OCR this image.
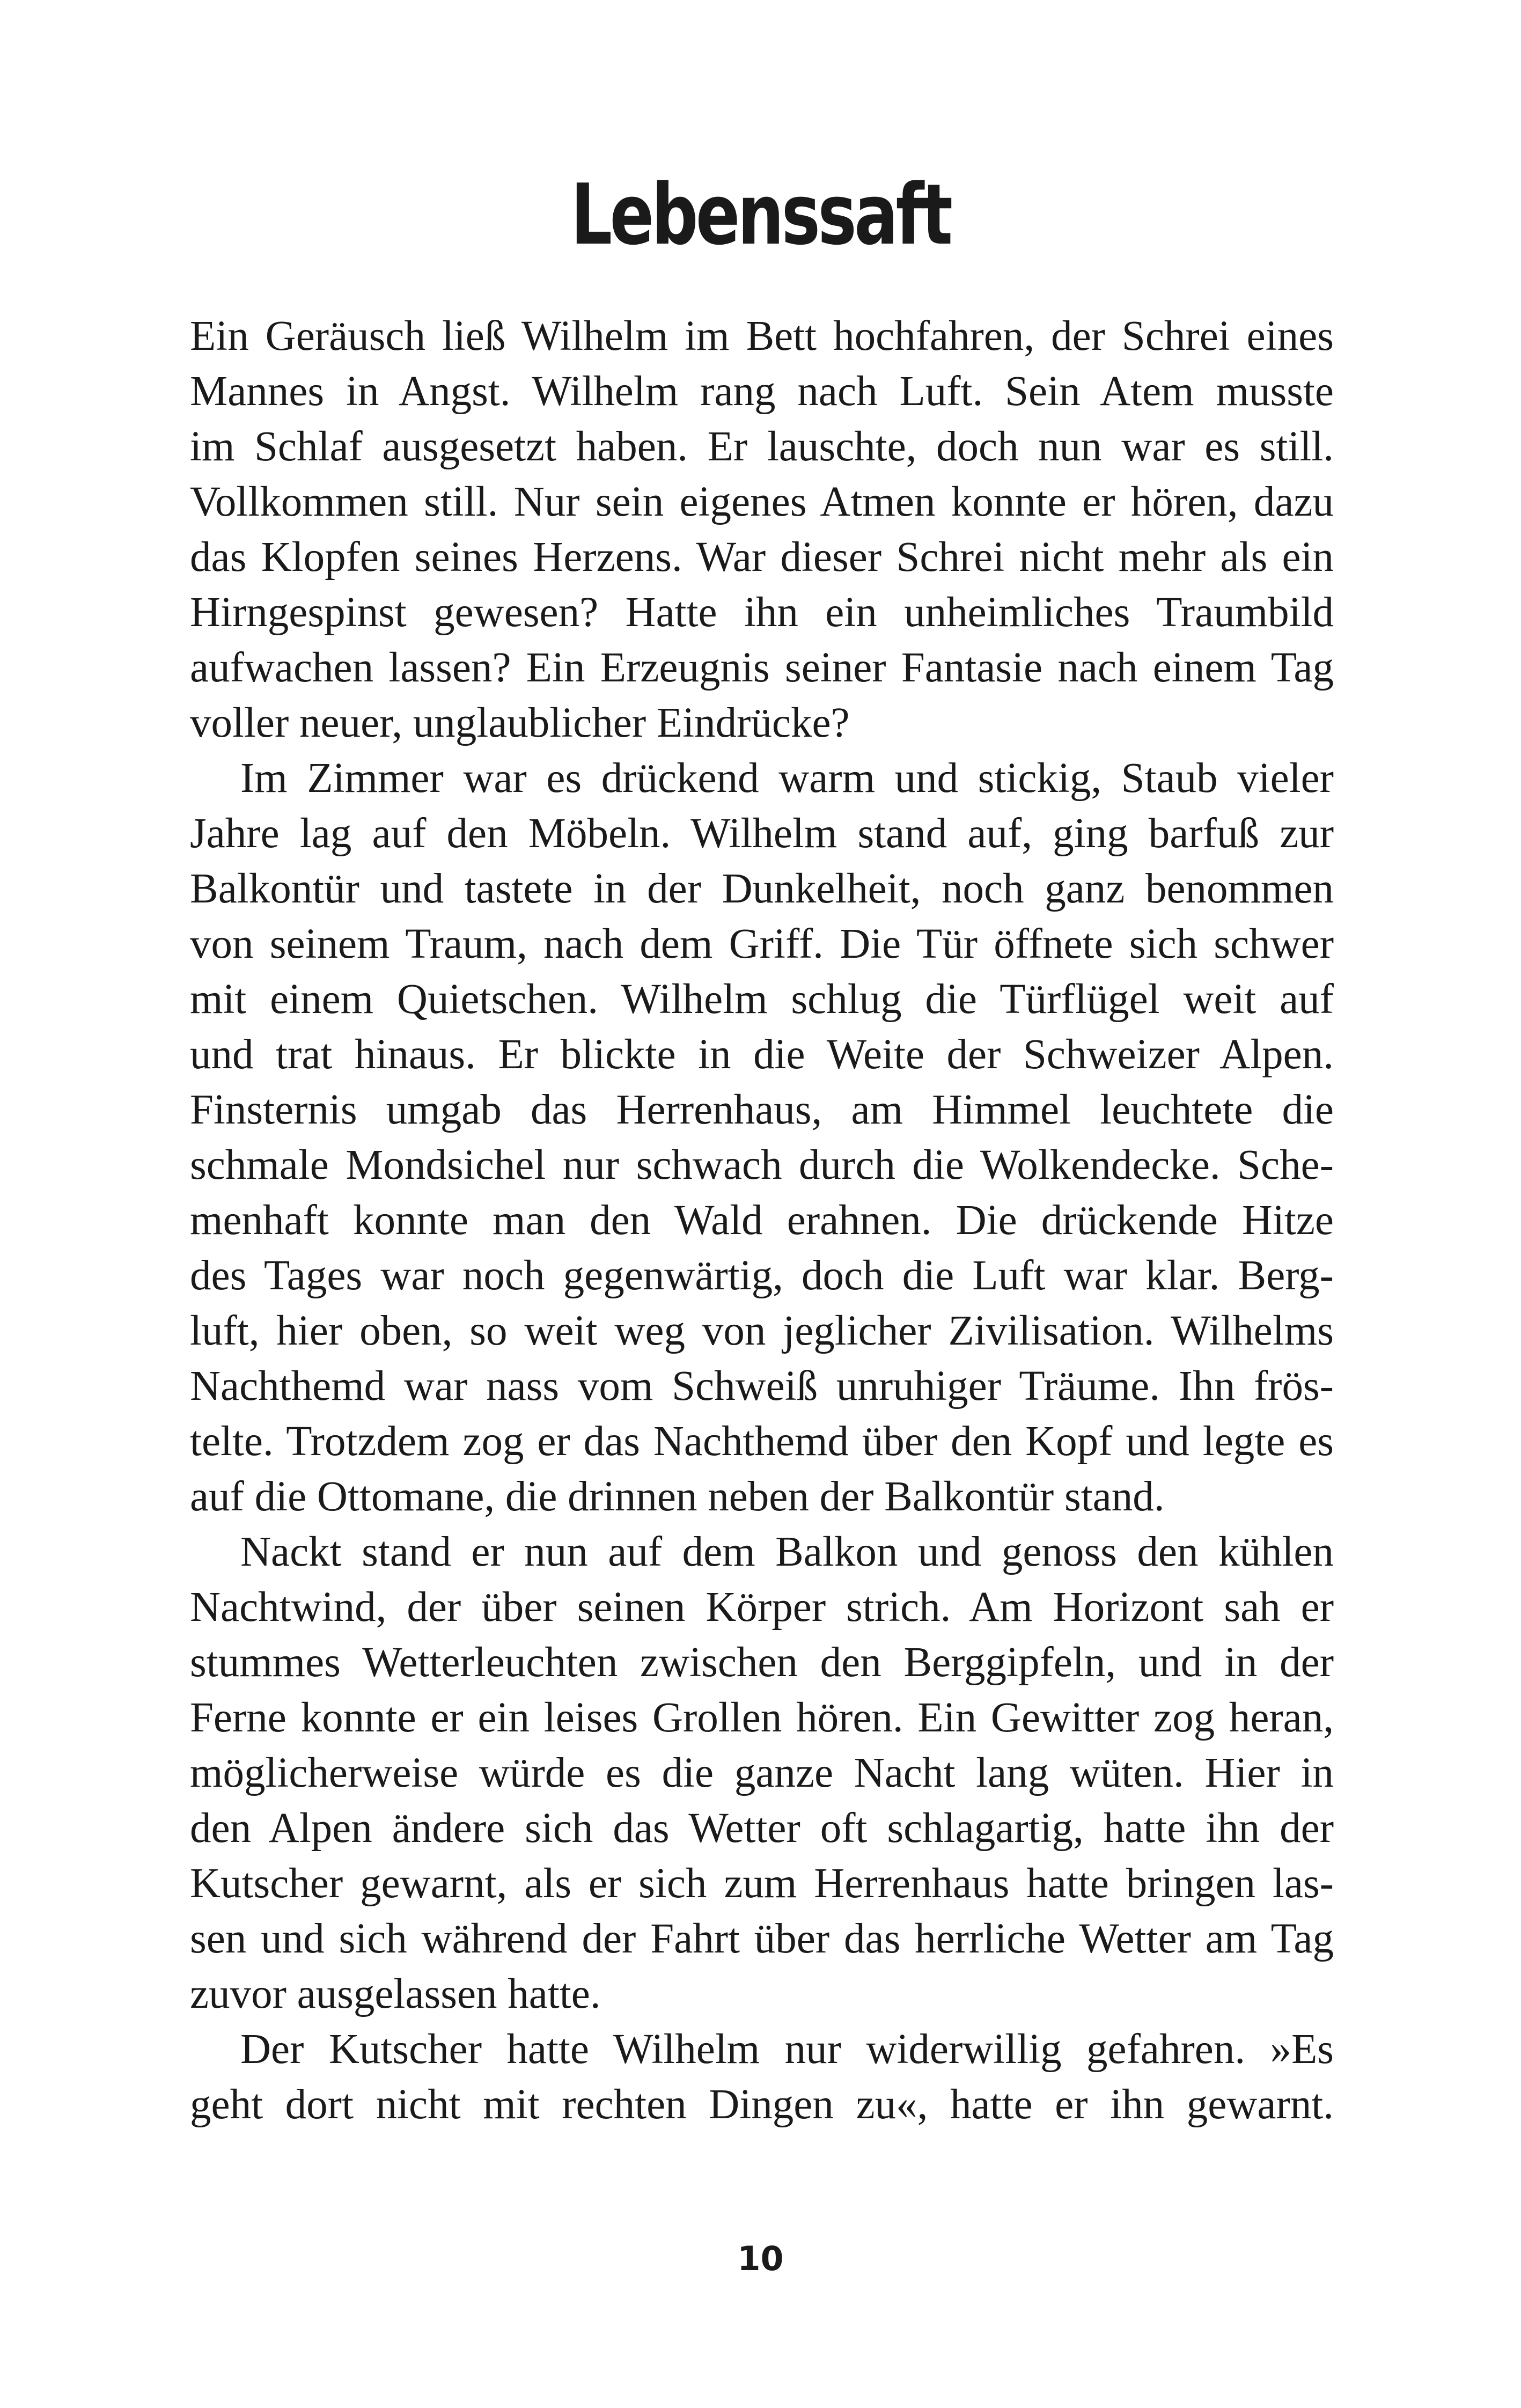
Lebenssaft
Ein Geräusch ließ Wilhelm im Bett hochfahren, der Schrei eines
Mannes in Angst. Wilhelm rang nach Luft. Sein Atem musste
im Schlaf ausgesetzt haben. Er lauschte, doch nun war es still.
Vollkommen still. Nur sein eigenes Atmen konnte er hören, dazu
das Klopfen seines Herzens. War dieser Schrei nicht mehr als ein
Hirngespinst gewesen? Hatte ihn ein unheimliches Traumbild
aufwachen lassen? Ein Erzeugnis seiner Fantasie nach einem Tag
voller neuer, unglaublicher Eindrücke?
Im Zimmer war es drückend warm und stickig, Staub vieler
Jahre lag auf den Möbeln. Wilhelm stand auf, ging barfuß zur
Balkontür und tastete in der Dunkelheit, noch ganz benommen
von seinem Traum, nach dem Griff. Die Tür öffnete sich schwer
mit einem Quietschen. Wilhelm schlug die Türflügel weit auf
und trat hinaus. Er blickte in die Weite der Schweizer Alpen.
Finsternis umgab das Herrenhaus, am Himmel leuchtete die
schmale Mondsichel nur schwach durch die Wolkendecke. Sche-
menhaft konnte man den Wald erahnen. Die drückende Hitze
des Tages war noch gegenwärtig, doch die Luft war klar. Berg-
luft, hier oben, so weit weg von jeglicher Zivilisation. Wilhelms
Nachthemd war nass vom Schweiß unruhiger Träume. Ihn frös-
telte. Trotzdem zog er das Nachthemd über den Kopf und legte es
auf die Ottomane, die drinnen neben der Balkontür stand.
Nackt stand er nun auf dem Balkon und genoss den kühlen
Nachtwind, der über seinen Körper strich. Am Horizont sah er
stummes Wetterleuchten zwischen den Berggipfeln, und in der
Ferne konnte er ein leises Grollen hören. Ein Gewitter zog heran,
möglicherweise würde es die ganze Nacht lang wüten. Hier in
den Alpen ändere sich das Wetter oft schlagartig, hatte ihn der
Kutscher gewarnt, als er sich zum Herrenhaus hatte bringen las-
sen und sich während der Fahrt über das herrliche Wetter am Tag
zuvor ausgelassen hatte.
Der Kutscher hatte Wilhelm nur widerwillig gefahren. »Es
geht dort nicht mit rechten Dingen zu«, hatte er ihn gewarnt.
10
